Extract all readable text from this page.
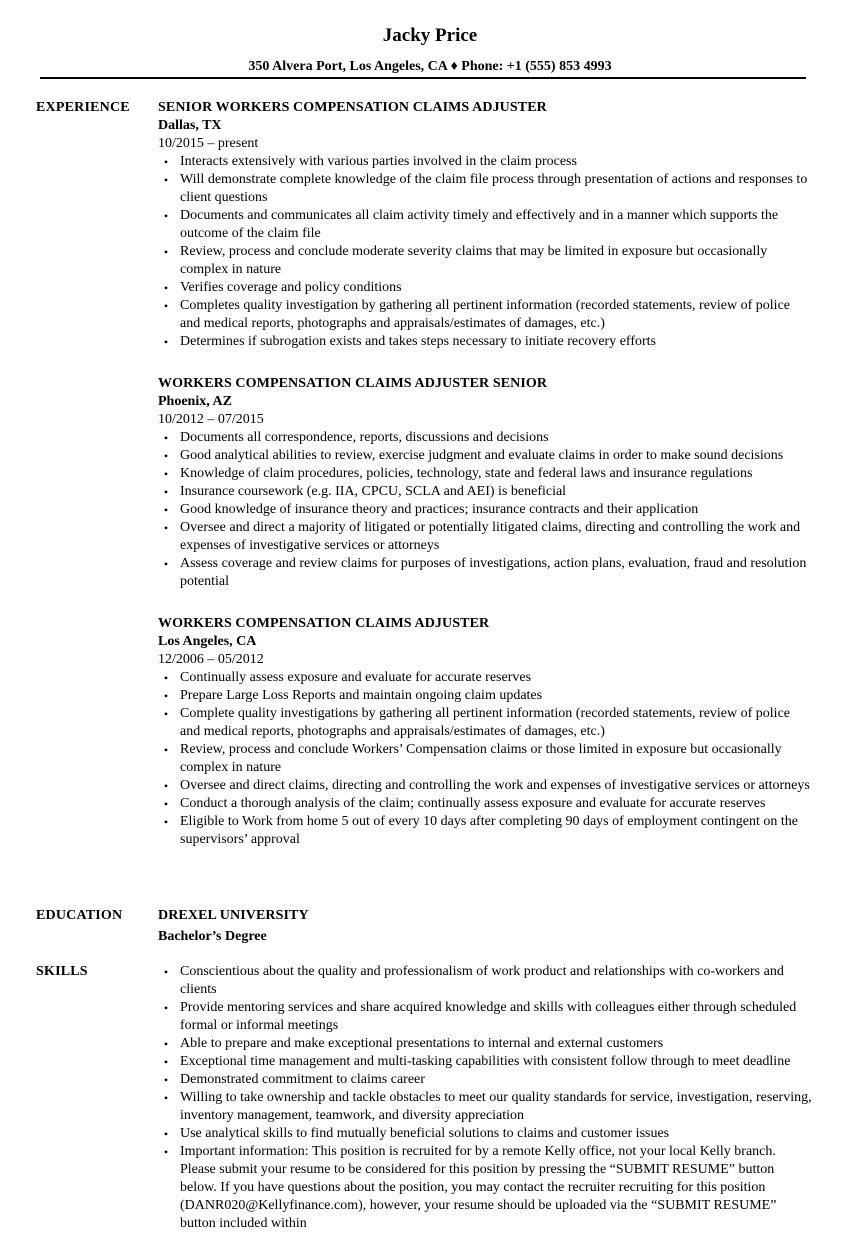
Jacky Price
350 Alvera Port, Los Angeles, CA ♦ Phone: +1 (555) 853 4993
EXPERIENCE SENIOR WORKERS COMPENSATION CLAIMS ADJUSTER
Dallas, TX
10/2015 – present
• Interacts extensively with various parties involved in the claim process
• Will demonstrate complete knowledge of the claim file process through presentation of actions and responses to client questions
• Documents and communicates all claim activity timely and effectively and in a manner which supports the outcome of the claim file
• Review, process and conclude moderate severity claims that may be limited in exposure but occasionally complex in nature
• Verifies coverage and policy conditions
• Completes quality investigation by gathering all pertinent information (recorded statements, review of police and medical reports, photographs and appraisals/estimates of damages, etc.)
• Determines if subrogation exists and takes steps necessary to initiate recovery efforts
WORKERS COMPENSATION CLAIMS ADJUSTER SENIOR
Phoenix, AZ
10/2012 – 07/2015
• Documents all correspondence, reports, discussions and decisions
• Good analytical abilities to review, exercise judgment and evaluate claims in order to make sound decisions
• Knowledge of claim procedures, policies, technology, state and federal laws and insurance regulations
• Insurance coursework (e.g. IIA, CPCU, SCLA and AEI) is beneficial
• Good knowledge of insurance theory and practices; insurance contracts and their application
• Oversee and direct a majority of litigated or potentially litigated claims, directing and controlling the work and expenses of investigative services or attorneys
• Assess coverage and review claims for purposes of investigations, action plans, evaluation, fraud and resolution potential
WORKERS COMPENSATION CLAIMS ADJUSTER
Los Angeles, CA
12/2006 – 05/2012
• Continually assess exposure and evaluate for accurate reserves
• Prepare Large Loss Reports and maintain ongoing claim updates
• Complete quality investigations by gathering all pertinent information (recorded statements, review of police and medical reports, photographs and appraisals/estimates of damages, etc.)
• Review, process and conclude Workers’ Compensation claims or those limited in exposure but occasionally complex in nature
• Oversee and direct claims, directing and controlling the work and expenses of investigative services or attorneys
• Conduct a thorough analysis of the claim; continually assess exposure and evaluate for accurate reserves
• Eligible to Work from home 5 out of every 10 days after completing 90 days of employment contingent on the supervisors’ approval
EDUCATION	DREXEL UNIVERSITY
Bachelor’s Degree
SKILLS	• Conscientious about the quality and professionalism of work product and relationships with co-workers and clients
• Provide mentoring services and share acquired knowledge and skills with colleagues either through scheduled formal or informal meetings
• Able to prepare and make exceptional presentations to internal and external customers
• Exceptional time management and multi-tasking capabilities with consistent follow through to meet deadline
• Demonstrated commitment to claims career
• Willing to take ownership and tackle obstacles to meet our quality standards for service, investigation, reserving, inventory management, teamwork, and diversity appreciation
• Use analytical skills to find mutually beneficial solutions to claims and customer issues
• Important information: This position is recruited for by a remote Kelly office, not your local Kelly branch. Please submit your resume to be considered for this position by pressing the “SUBMIT RESUME” button below. If you have questions about the position, you may contact the recruiter recruiting for this position (DANR020@Kellyfinance.com), however, your resume should be uploaded via the “SUBMIT RESUME” button included within
